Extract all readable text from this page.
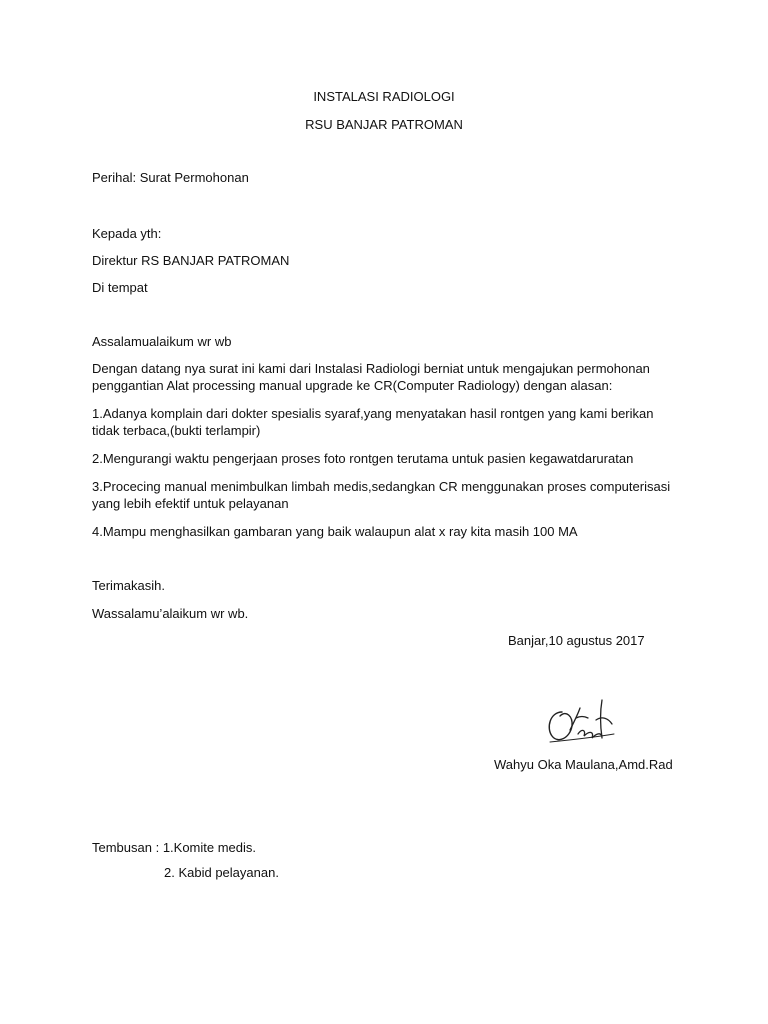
INSTALASI RADIOLOGI
RSU BANJAR PATROMAN
Perihal: Surat Permohonan
Kepada yth:
Direktur RS BANJAR PATROMAN
Di tempat
Assalamualaikum wr wb
Dengan datang nya surat ini kami dari Instalasi Radiologi berniat untuk mengajukan permohonan
penggantian Alat processing manual upgrade ke CR(Computer Radiology) dengan alasan:
1.Adanya komplain dari dokter spesialis syaraf,yang menyatakan hasil rontgen yang kami berikan
tidak terbaca,(bukti terlampir)
2.Mengurangi waktu pengerjaan proses foto rontgen terutama untuk pasien kegawatdaruratan
3.Procecing manual menimbulkan limbah medis,sedangkan CR menggunakan proses computerisasi
yang lebih efektif untuk pelayanan
4.Mampu menghasilkan gambaran yang baik walaupun alat x ray kita masih 100 MA
Terimakasih.
Wassalamu’alaikum wr wb.
Banjar,10 agustus 2017
Wahyu Oka Maulana,Amd.Rad
Tembusan : 1.Komite medis.
2. Kabid pelayanan.
